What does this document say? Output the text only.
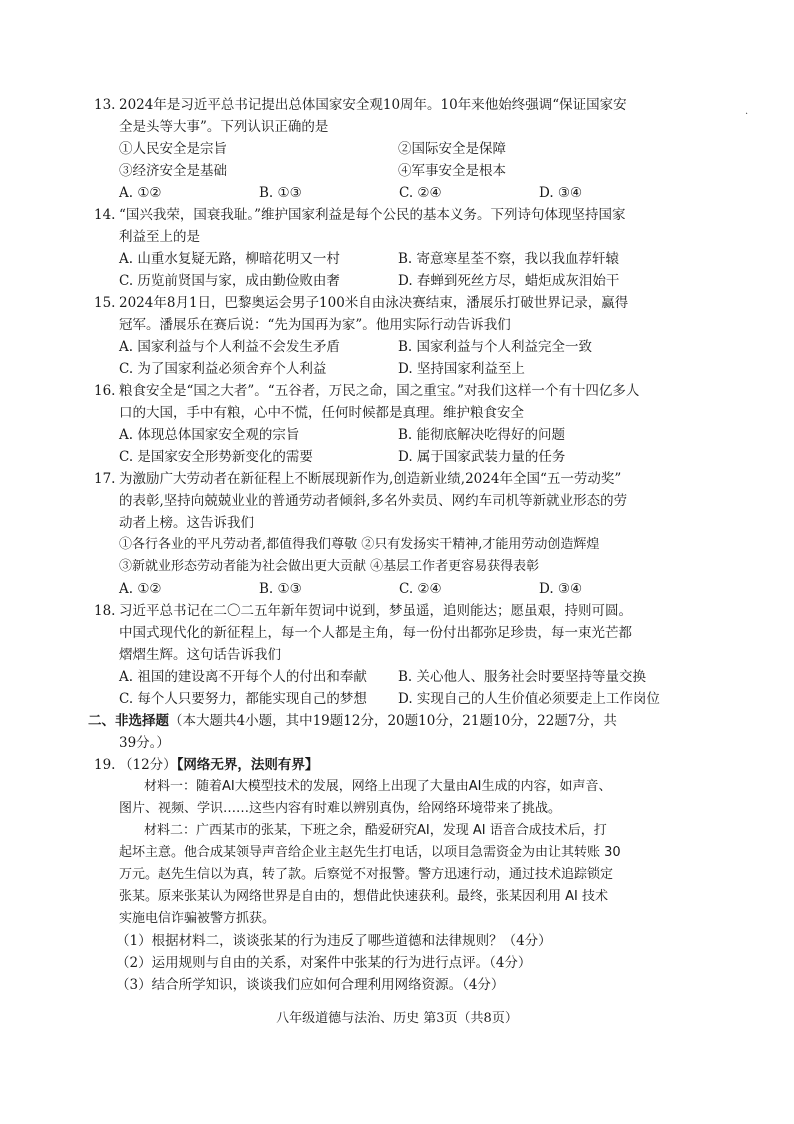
13. 2024年是习近平总书记提出总体国家安全观10周年。10年来他始终强调“保证国家安
·
全是头等大事”。下列认识正确的是
①人民安全是宗旨	②国际安全是保障
③经济安全是基础	④军事安全是根本
A. ①②	B. ①③	C. ②④	D. ③④
14. “国兴我荣，国衰我耻。”维护国家利益是每个公民的基本义务。下列诗句体现坚持国家
利益至上的是
A. 山重水复疑无路，柳暗花明又一村	B. 寄意寒星荃不察，我以我血荐轩辕
C. 历览前贤国与家，成由勤俭败由奢	D. 春蝉到死丝方尽，蜡炬成灰泪始干
15. 2024年8月1日，巴黎奥运会男子100米自由泳决赛结束，潘展乐打破世界记录，赢得
冠军。潘展乐在赛后说：“先为国再为家”。他用实际行动告诉我们
A. 国家利益与个人利益不会发生矛盾	B. 国家利益与个人利益完全一致
C. 为了国家利益必须舍弃个人利益	D. 坚持国家利益至上
16. 粮食安全是“国之大者”。“五谷者，万民之命，国之重宝。”对我们这样一个有十四亿多人
口的大国，手中有粮，心中不慌，任何时候都是真理。维护粮食安全
A. 体现总体国家安全观的宗旨	B. 能彻底解决吃得好的问题
C. 是国家安全形势新变化的需要	D. 属于国家武装力量的任务
17. 为激励广大劳动者在新征程上不断展现新作为,创造新业绩,2024年全国“五一劳动奖”
的表彰,坚持向兢兢业业的普通劳动者倾斜,多名外卖员、网约车司机等新就业形态的劳
动者上榜。这告诉我们
①各行各业的平凡劳动者,都值得我们尊敬 ②只有发扬实干精神,才能用劳动创造辉煌
③新就业形态劳动者能为社会做出更大贡献 ④基层工作者更容易获得表彰
A. ①②	B. ①③	C. ②④	D. ③④
18. 习近平总书记在二〇二五年新年贺词中说到，梦虽遥，追则能达；愿虽艰，持则可圆。
中国式现代化的新征程上，每一个人都是主角，每一份付出都弥足珍贵，每一束光芒都
熠熠生辉。这句话告诉我们
A. 祖国的建设离不开每个人的付出和奉献 B. 关心他人、服务社会时要坚持等量交换
C. 每个人只要努力，都能实现自己的梦想 D. 实现自己的人生价值必须要走上工作岗位
二、非选择题（本大题共4小题，其中19题12分，20题10分，21题10分，22题7分，共
39分。）
19. （12分）【网络无界，法则有界】
材料一：随着AI大模型技术的发展，网络上出现了大量由AI生成的内容，如声音、
图片、视频、学识……这些内容有时难以辨别真伪，给网络环境带来了挑战。
材料二：广西某市的张某，下班之余，酷爱研究AI，发现 AI 语音合成技术后，打
起坏主意。他合成某领导声音给企业主赵先生打电话，以项目急需资金为由让其转账 30
万元。赵先生信以为真，转了款。后察觉不对报警。警方迅速行动，通过技术追踪锁定
张某。原来张某认为网络世界是自由的，想借此快速获利。最终，张某因利用 AI 技术
实施电信诈骗被警方抓获。
（1）根据材料二，谈谈张某的行为违反了哪些道德和法律规则？（4分）
（2）运用规则与自由的关系，对案件中张某的行为进行点评。（4分）
（3）结合所学知识，谈谈我们应如何合理利用网络资源。（4分）
八年级道德与法治、历史 第3页（共8页）
